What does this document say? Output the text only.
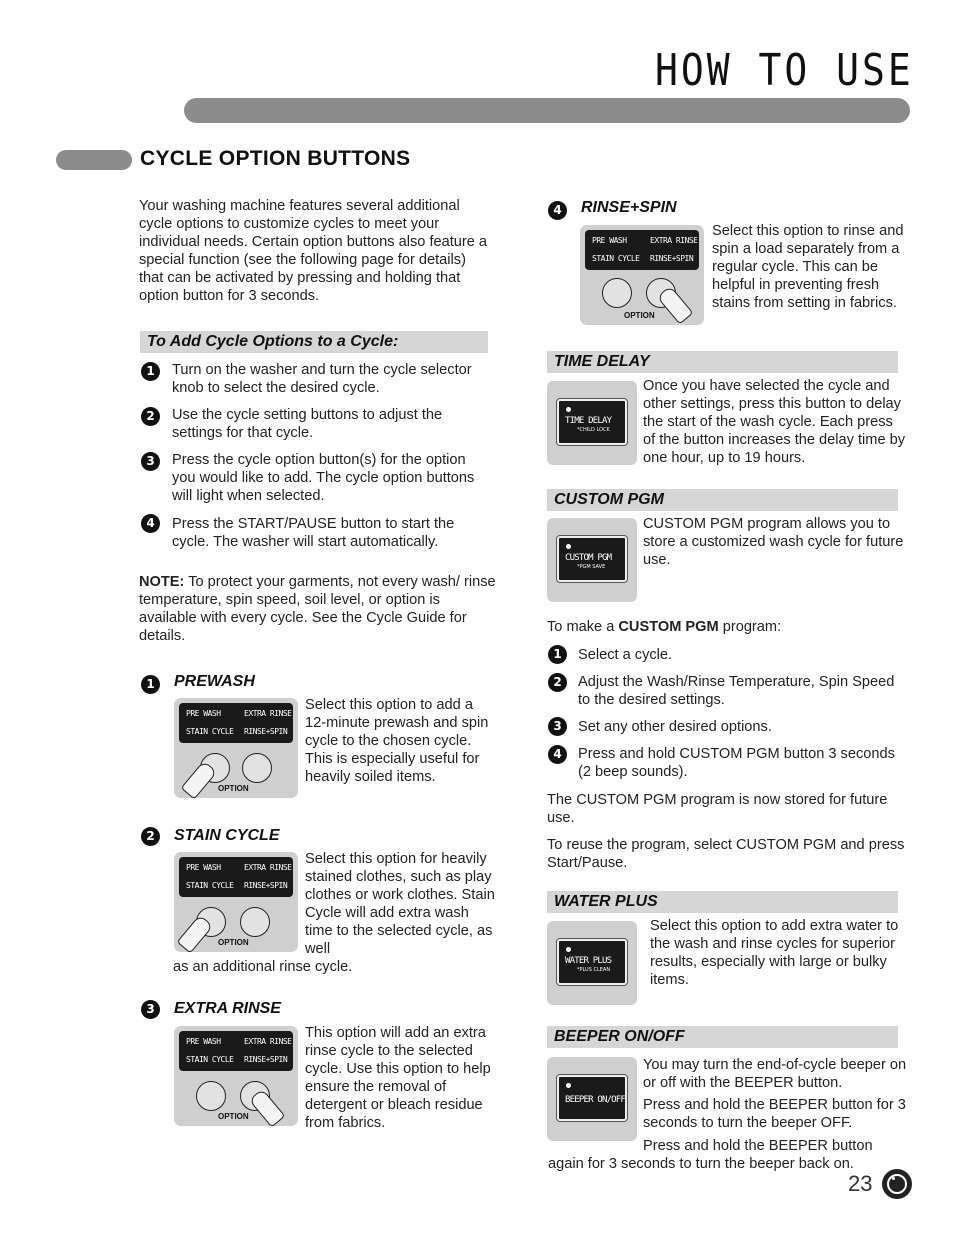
HOW TO USE
CYCLE OPTION BUTTONS
Your washing machine features several additional cycle options to customize cycles to meet your individual needs. Certain option buttons also feature a special function (see the following page for details) that can be activated by pressing and holding that option button for 3 seconds.
To Add Cycle Options to a Cycle:
1	Turn on the washer and turn the cycle selector knob to select the desired cycle.
2	Use the cycle setting buttons to adjust the settings for that cycle.
3	Press the cycle option button(s) for the option you would like to add. The cycle option buttons will light when selected.
4	Press the START/PAUSE button to start the cycle. The washer will start automatically.
NOTE: To protect your garments, not every wash/ rinse temperature, spin speed, soil level, or option is available with every cycle. See the Cycle Guide for details.
1	PREWASH
PRE WASH	EXTRA RINSE
STAIN CYCLE RINSE+SPIN
OPTION
Select this option to add a 12-minute prewash and spin cycle to the chosen cycle. This is especially useful for heavily soiled items.
2	STAIN CYCLE
PRE WASH	EXTRA RINSE
STAIN CYCLE RINSE+SPIN
OPTION
Select this option for heavily stained clothes, such as play clothes or work clothes. Stain Cycle will add extra wash time to the selected cycle, as well
as an additional rinse cycle.
3	EXTRA RINSE
PRE WASH	EXTRA RINSE
STAIN CYCLE RINSE+SPIN
OPTION
This option will add an extra rinse cycle to the selected cycle. Use this option to help ensure the removal of detergent or bleach residue from fabrics.
4	RINSE+SPIN
PRE WASH	EXTRA RINSE
STAIN CYCLE RINSE+SPIN
OPTION
Select this option to rinse and spin a load separately from a regular cycle. This can be helpful in preventing fresh stains from setting in fabrics.
TIME DELAY
TIME DELAY
*CHILD LOCK
Once you have selected the cycle and other settings, press this button to delay the start of the wash cycle. Each press of the button increases the delay time by one hour, up to 19 hours.
CUSTOM PGM
CUSTOM PGM
*PGM SAVE
CUSTOM PGM program allows you to store a customized wash cycle for future use.
To make a CUSTOM PGM program:
1	Select a cycle.
2	Adjust the Wash/Rinse Temperature, Spin Speed to the desired settings.
3	Set any other desired options.
4	Press and hold CUSTOM PGM button 3 seconds (2 beep sounds).
The CUSTOM PGM program is now stored for future use.
To reuse the program, select CUSTOM PGM and press Start/Pause.
WATER PLUS
WATER PLUS
*PLUS CLEAN
Select this option to add extra water to the wash and rinse cycles for superior results, especially with large or bulky items.
BEEPER ON/OFF
BEEPER ON/OFF
You may turn the end-of-cycle beeper on or off with the BEEPER button.
Press and hold the BEEPER button for 3 seconds to turn the beeper OFF.
Press and hold the BEEPER button
again for 3 seconds to turn the beeper back on.
23
